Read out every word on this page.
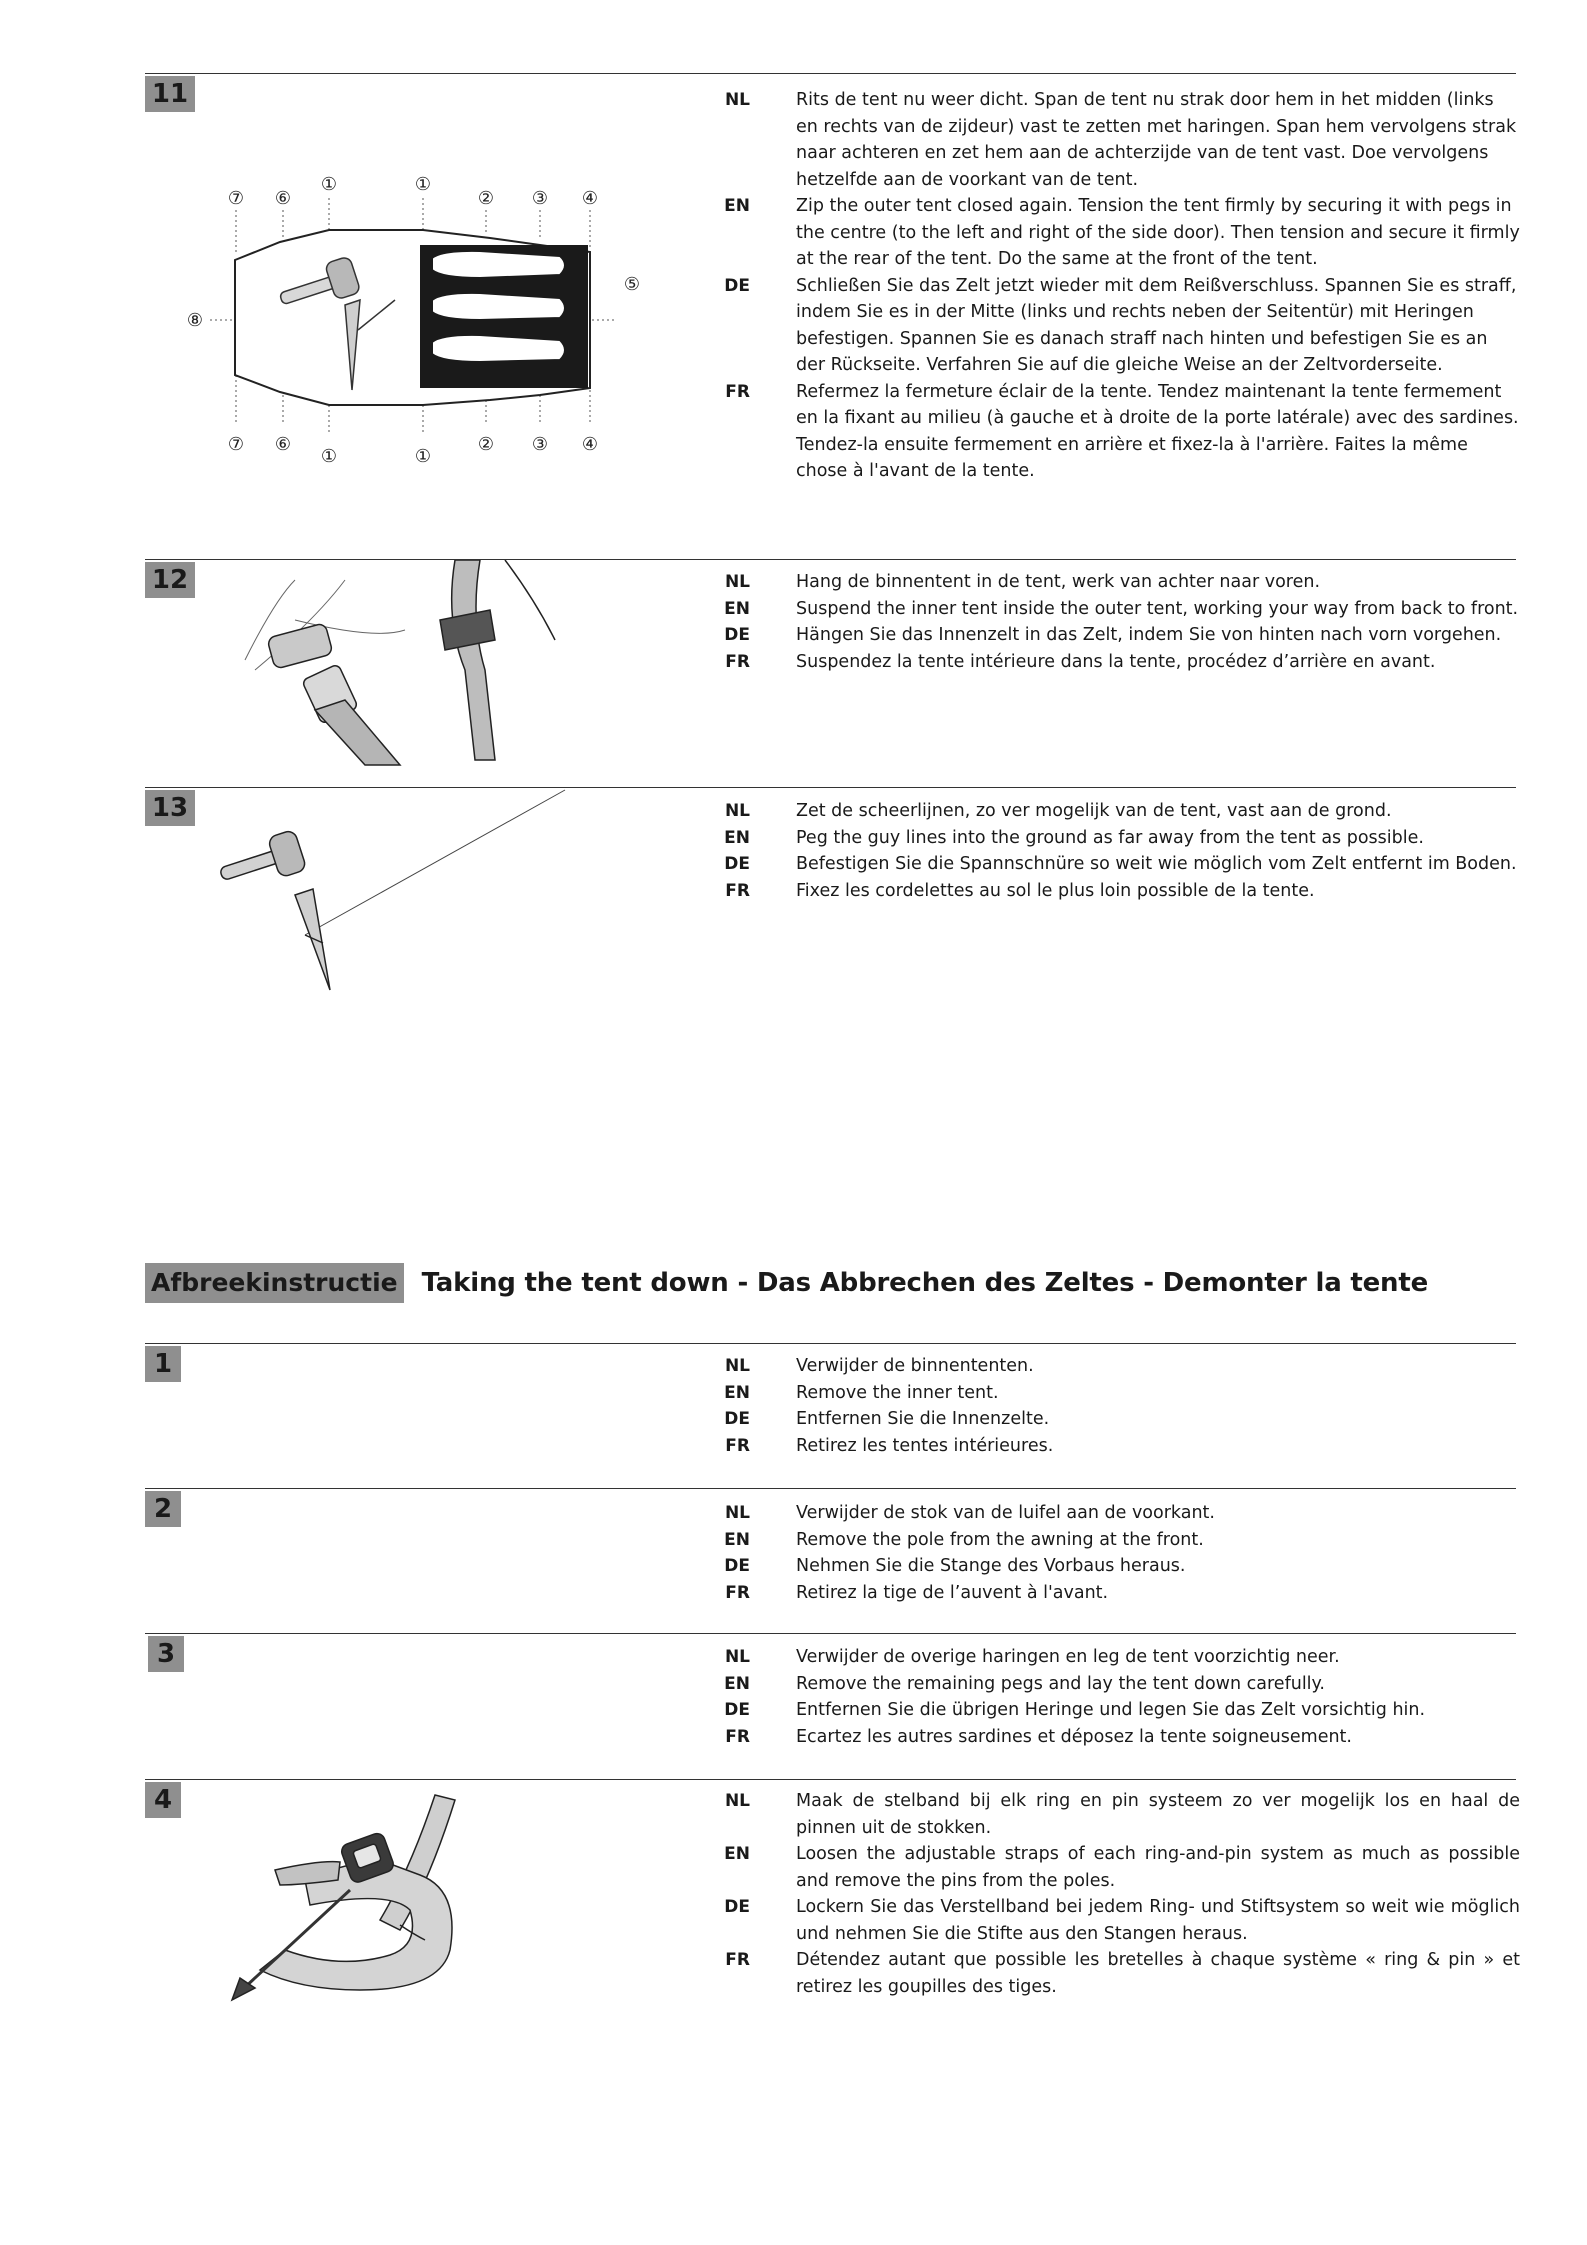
11
⑦ ⑥
①	①
② ③ ④
⑦ ⑥
①	①
② ③ ④
⑧
⑤
NL	Rits de tent nu weer dicht. Span de tent nu strak door hem in het midden (links en rechts van de zijdeur) vast te zetten met haringen. Span hem vervolgens strak naar achteren en zet hem aan de achterzijde van de tent vast. Doe vervolgens hetzelfde aan de voorkant van de tent.
EN	Zip the outer tent closed again. Tension the tent firmly by securing it with pegs in the centre (to the left and right of the side door). Then tension and secure it firmly at the rear of the tent. Do the same at the front of the tent.
DE	Schließen Sie das Zelt jetzt wieder mit dem Reißverschluss. Spannen Sie es straff, indem Sie es in der Mitte (links und rechts neben der Seitentür) mit Heringen befestigen. Spannen Sie es danach straff nach hinten und befestigen Sie es an der Rückseite. Verfahren Sie auf die gleiche Weise an der Zeltvorderseite.
FR	Refermez la fermeture éclair de la tente. Tendez maintenant la tente fermement en la fixant au milieu (à gauche et à droite de la porte latérale) avec des sardines. Tendez-la ensuite fermement en arrière et fixez-la à l'arrière. Faites la même chose à l'avant de la tente.
12	NL	Hang de binnentent in de tent, werk van achter naar voren.
EN	Suspend the inner tent inside the outer tent, working your way from back to front.
DE	Hängen Sie das Innenzelt in das Zelt, indem Sie von hinten nach vorn vorgehen.
FR	Suspendez la tente intérieure dans la tente, procédez d’arrière en avant.
13	NL	Zet de scheerlijnen, zo ver mogelijk van de tent, vast aan de grond.
EN	Peg the guy lines into the ground as far away from the tent as possible.
DE	Befestigen Sie die Spannschnüre so weit wie möglich vom Zelt entfernt im Boden.
FR	Fixez les cordelettes au sol le plus loin possible de la tente.
Afbreekinstructie Taking the tent down - Das Abbrechen des Zeltes - Demonter la tente
1	NL	Verwijder de binnententen.
EN	Remove the inner tent.
DE	Entfernen Sie die Innenzelte.
FR	Retirez les tentes intérieures.
2	NL	Verwijder de stok van de luifel aan de voorkant.
EN	Remove the pole from the awning at the front.
DE	Nehmen Sie die Stange des Vorbaus heraus.
FR	Retirez la tige de l’auvent à l'avant.
3	NL	Verwijder de overige haringen en leg de tent voorzichtig neer.
EN	Remove the remaining pegs and lay the tent down carefully.
DE	Entfernen Sie die übrigen Heringe und legen Sie das Zelt vorsichtig hin.
FR	Ecartez les autres sardines et déposez la tente soigneusement.
4	NL	Maak de stelband bij elk ring en pin systeem zo ver mogelijk los en haal de pinnen uit de stokken.
EN	Loosen the adjustable straps of each ring-and-pin system as much as possible and remove the pins from the poles.
DE	Lockern Sie das Verstellband bei jedem Ring- und Stiftsystem so weit wie möglich und nehmen Sie die Stifte aus den Stangen heraus.
FR	Détendez autant que possible les bretelles à chaque système « ring & pin » et retirez les goupilles des tiges.
